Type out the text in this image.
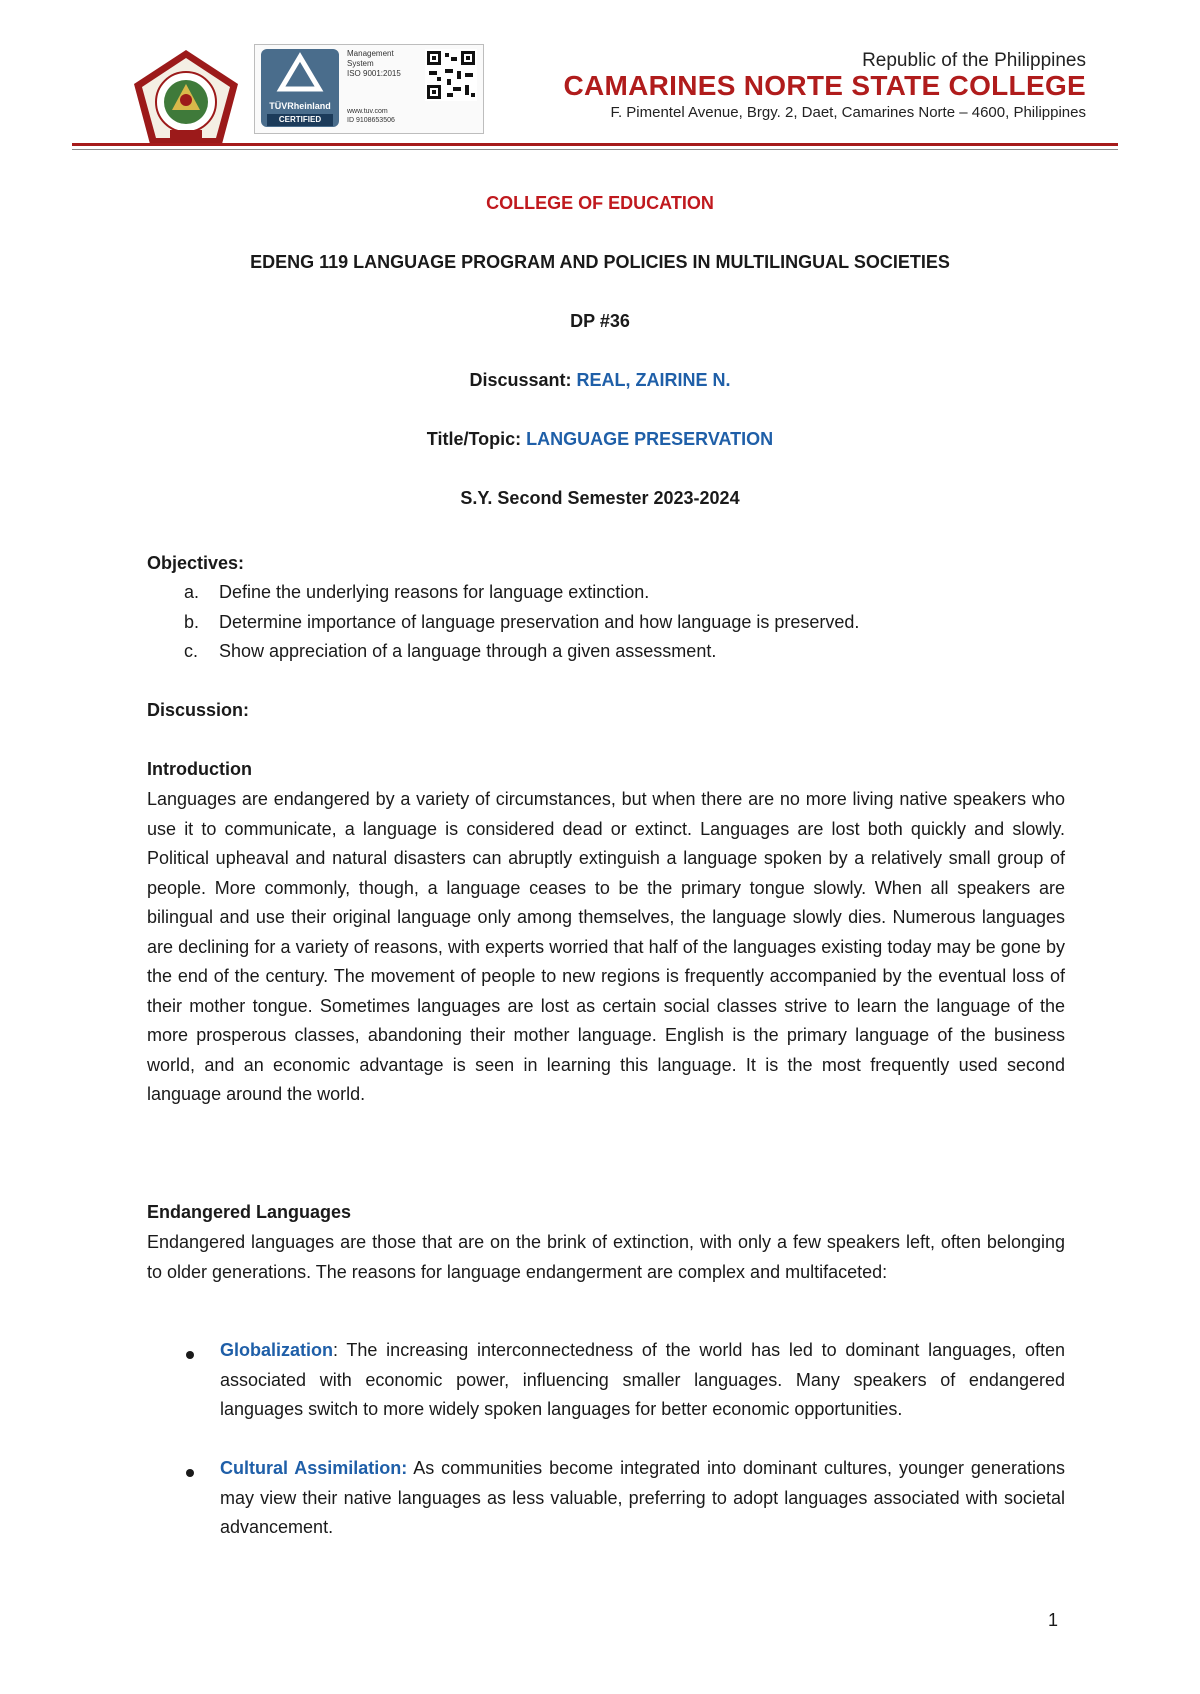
TÜVRheinland
CERTIFIED
Management
System
ISO 9001:2015
www.tuv.com
ID 9108653506
Republic of the Philippines
CAMARINES NORTE STATE COLLEGE
F. Pimentel Avenue, Brgy. 2, Daet, Camarines Norte – 4600, Philippines
COLLEGE OF EDUCATION
EDENG 119 LANGUAGE PROGRAM AND POLICIES IN MULTILINGUAL SOCIETIES
DP #36
Discussant: REAL, ZAIRINE N.
Title/Topic: LANGUAGE PRESERVATION
S.Y. Second Semester 2023-2024
Objectives:
a. Define the underlying reasons for language extinction.
b. Determine importance of language preservation and how language is preserved.
c. Show appreciation of a language through a given assessment.
Discussion:
Introduction
Languages are endangered by a variety of circumstances, but when there are no more living native speakers who use it to communicate, a language is considered dead or extinct. Languages are lost both quickly and slowly. Political upheaval and natural disasters can abruptly extinguish a language spoken by a relatively small group of people. More commonly, though, a language ceases to be the primary tongue slowly. When all speakers are bilingual and use their original language only among themselves, the language slowly dies. Numerous languages are declining for a variety of reasons, with experts worried that half of the languages existing today may be gone by the end of the century. The movement of people to new regions is frequently accompanied by the eventual loss of their mother tongue. Sometimes languages are lost as certain social classes strive to learn the language of the more prosperous classes, abandoning their mother language. English is the primary language of the business world, and an economic advantage is seen in learning this language. It is the most frequently used second language around the world.
Endangered Languages
Endangered languages are those that are on the brink of extinction, with only a few speakers left, often belonging to older generations. The reasons for language endangerment are complex and multifaceted:
Globalization: The increasing interconnectedness of the world has led to dominant languages, often associated with economic power, influencing smaller languages. Many speakers of endangered languages switch to more widely spoken languages for better economic opportunities.
Cultural Assimilation: As communities become integrated into dominant cultures, younger generations may view their native languages as less valuable, preferring to adopt languages associated with societal advancement.
1
